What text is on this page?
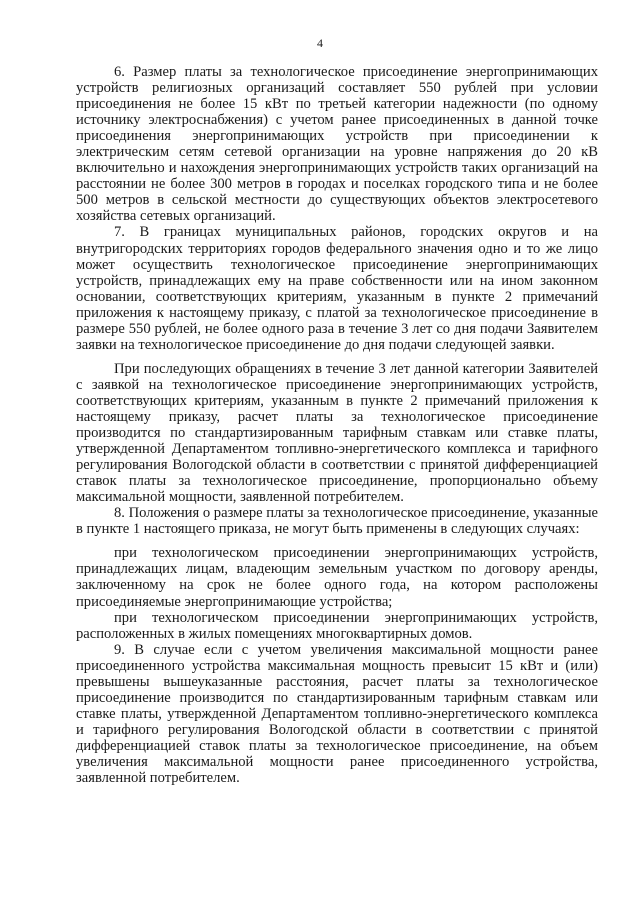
4

6. Размер платы за технологическое присоединение энергопринимающих устройств религиозных организаций составляет 550 рублей при условии присоединения не более 15 кВт по третьей категории надежности (по одному источнику электроснабжения) с учетом ранее присоединенных в данной точке присоединения энергопринимающих устройств при присоединении к электрическим сетям сетевой организации на уровне напряжения до 20 кВ включительно и нахождения энергопринимающих устройств таких организаций на расстоянии не более 300 метров в городах и поселках городского типа и не более 500 метров в сельской местности до существующих объектов электросетевого хозяйства сетевых организаций.

7. В границах муниципальных районов, городских округов и на внутригородских территориях городов федерального значения одно и то же лицо может осуществить технологическое присоединение энергопринимающих устройств, принадлежащих ему на праве собственности или на ином законном основании, соответствующих критериям, указанным в пункте 2 примечаний приложения к настоящему приказу, с платой за технологическое присоединение в размере 550 рублей, не более одного раза в течение 3 лет со дня подачи Заявителем заявки на технологическое присоединение до дня подачи следующей заявки.

При последующих обращениях в течение 3 лет данной категории Заявителей с заявкой на технологическое присоединение энергопринимающих устройств, соответствующих критериям, указанным в пункте 2 примечаний приложения к настоящему приказу, расчет платы за технологическое присоединение производится по стандартизированным тарифным ставкам или ставке платы, утвержденной Департаментом топливно-энергетического комплекса и тарифного регулирования Вологодской области в соответствии с принятой дифференциацией ставок платы за технологическое присоединение, пропорционально объему максимальной мощности, заявленной потребителем.

8. Положения о размере платы за технологическое присоединение, указанные в пункте 1 настоящего приказа, не могут быть применены в следующих случаях:

при технологическом присоединении энергопринимающих устройств, принадлежащих лицам, владеющим земельным участком по договору аренды, заключенному на срок не более одного года, на котором расположены присоединяемые энергопринимающие устройства;

при технологическом присоединении энергопринимающих устройств, расположенных в жилых помещениях многоквартирных домов.

9. В случае если с учетом увеличения максимальной мощности ранее присоединенного устройства максимальная мощность превысит 15 кВт и (или) превышены вышеуказанные расстояния, расчет платы за технологическое присоединение производится по стандартизированным тарифным ставкам или ставке платы, утвержденной Департаментом топливно-энергетического комплекса и тарифного регулирования Вологодской области в соответствии с принятой дифференциацией ставок платы за технологическое присоединение, на объем увеличения максимальной мощности ранее присоединенного устройства, заявленной потребителем.
